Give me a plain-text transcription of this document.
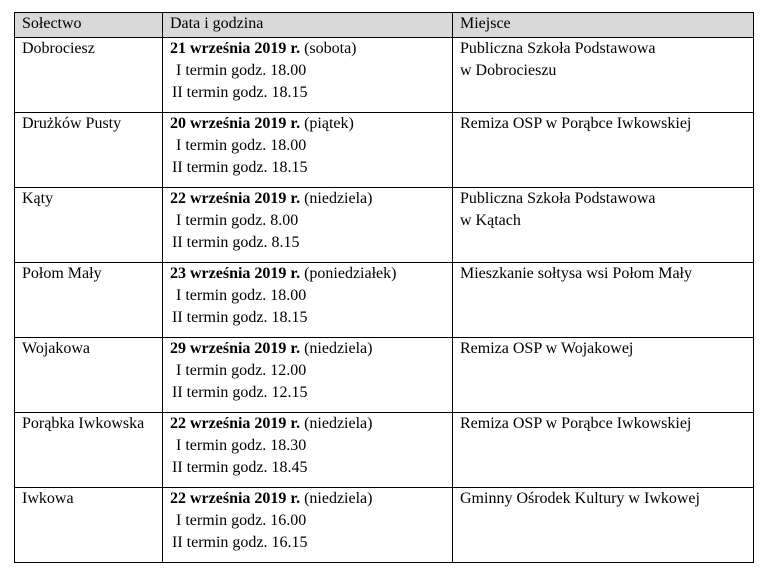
Sołectwo	Data i godzina	Miejsce
Dobrociesz	21 września 2019 r. (sobota)
I termin godz. 18.00
II termin godz. 18.15	Publiczna Szkoła Podstawowa
w Dobrocieszu

Drużków Pusty	20 września 2019 r. (piątek)
I termin godz. 18.00
II termin godz. 18.15	Remiza OSP w Porąbce Iwkowskiej

Kąty	22 września 2019 r. (niedziela)
I termin godz. 8.00
II termin godz. 8.15	Publiczna Szkoła Podstawowa
w Kątach

Połom Mały	23 września 2019 r. (poniedziałek)
I termin godz. 18.00
II termin godz. 18.15	Mieszkanie sołtysa wsi Połom Mały

Wojakowa	29 września 2019 r. (niedziela)
I termin godz. 12.00
II termin godz. 12.15	Remiza OSP w Wojakowej

Porąbka Iwkowska	22 września 2019 r. (niedziela)
I termin godz. 18.30
II termin godz. 18.45	Remiza OSP w Porąbce Iwkowskiej

Iwkowa	22 września 2019 r. (niedziela)
I termin godz. 16.00
II termin godz. 16.15	Gminny Ośrodek Kultury w Iwkowej
